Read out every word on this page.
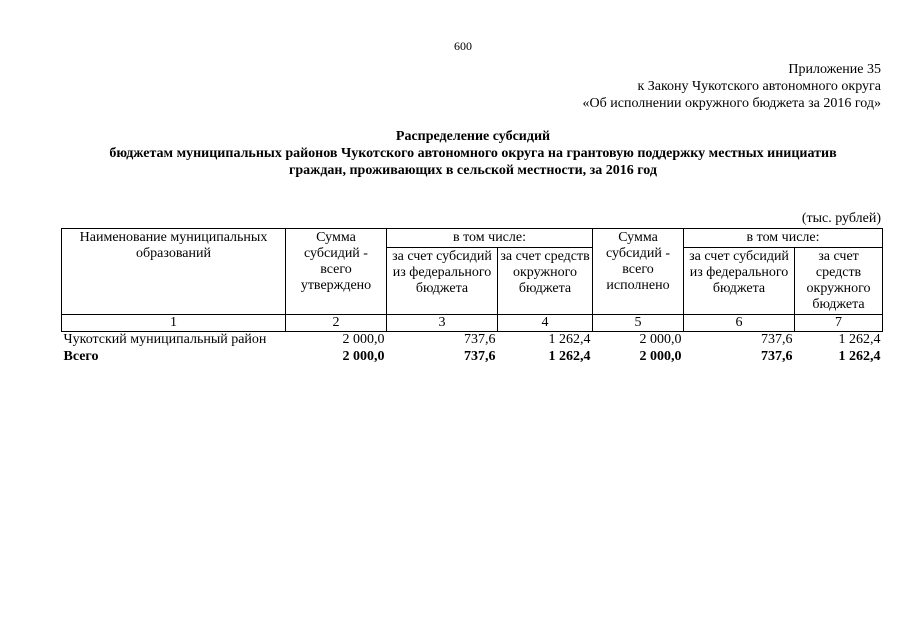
600
Приложение 35
к Закону Чукотского автономного округа
«Об исполнении окружного бюджета за 2016 год»
Распределение субсидий
бюджетам муниципальных районов Чукотского автономного округа на грантовую поддержку местных инициатив
граждан, проживающих в сельской местности, за 2016 год
(тыс. рублей)
Наименование муниципальных образований	Сумма субсидий - всего утверждено	в том числе:		Сумма субсидий - всего исполнено	в том числе:	
		за счет субсидий из федерального бюджета	за счет средств окружного бюджета		за счет субсидий из федерального бюджета	за счет средств окружного бюджета
1	2	3	4	5	6	7
Чукотский муниципальный район	2 000,0	737,6	1 262,4	2 000,0	737,6	1 262,4
Всего	2 000,0	737,6	1 262,4	2 000,0	737,6	1 262,4
